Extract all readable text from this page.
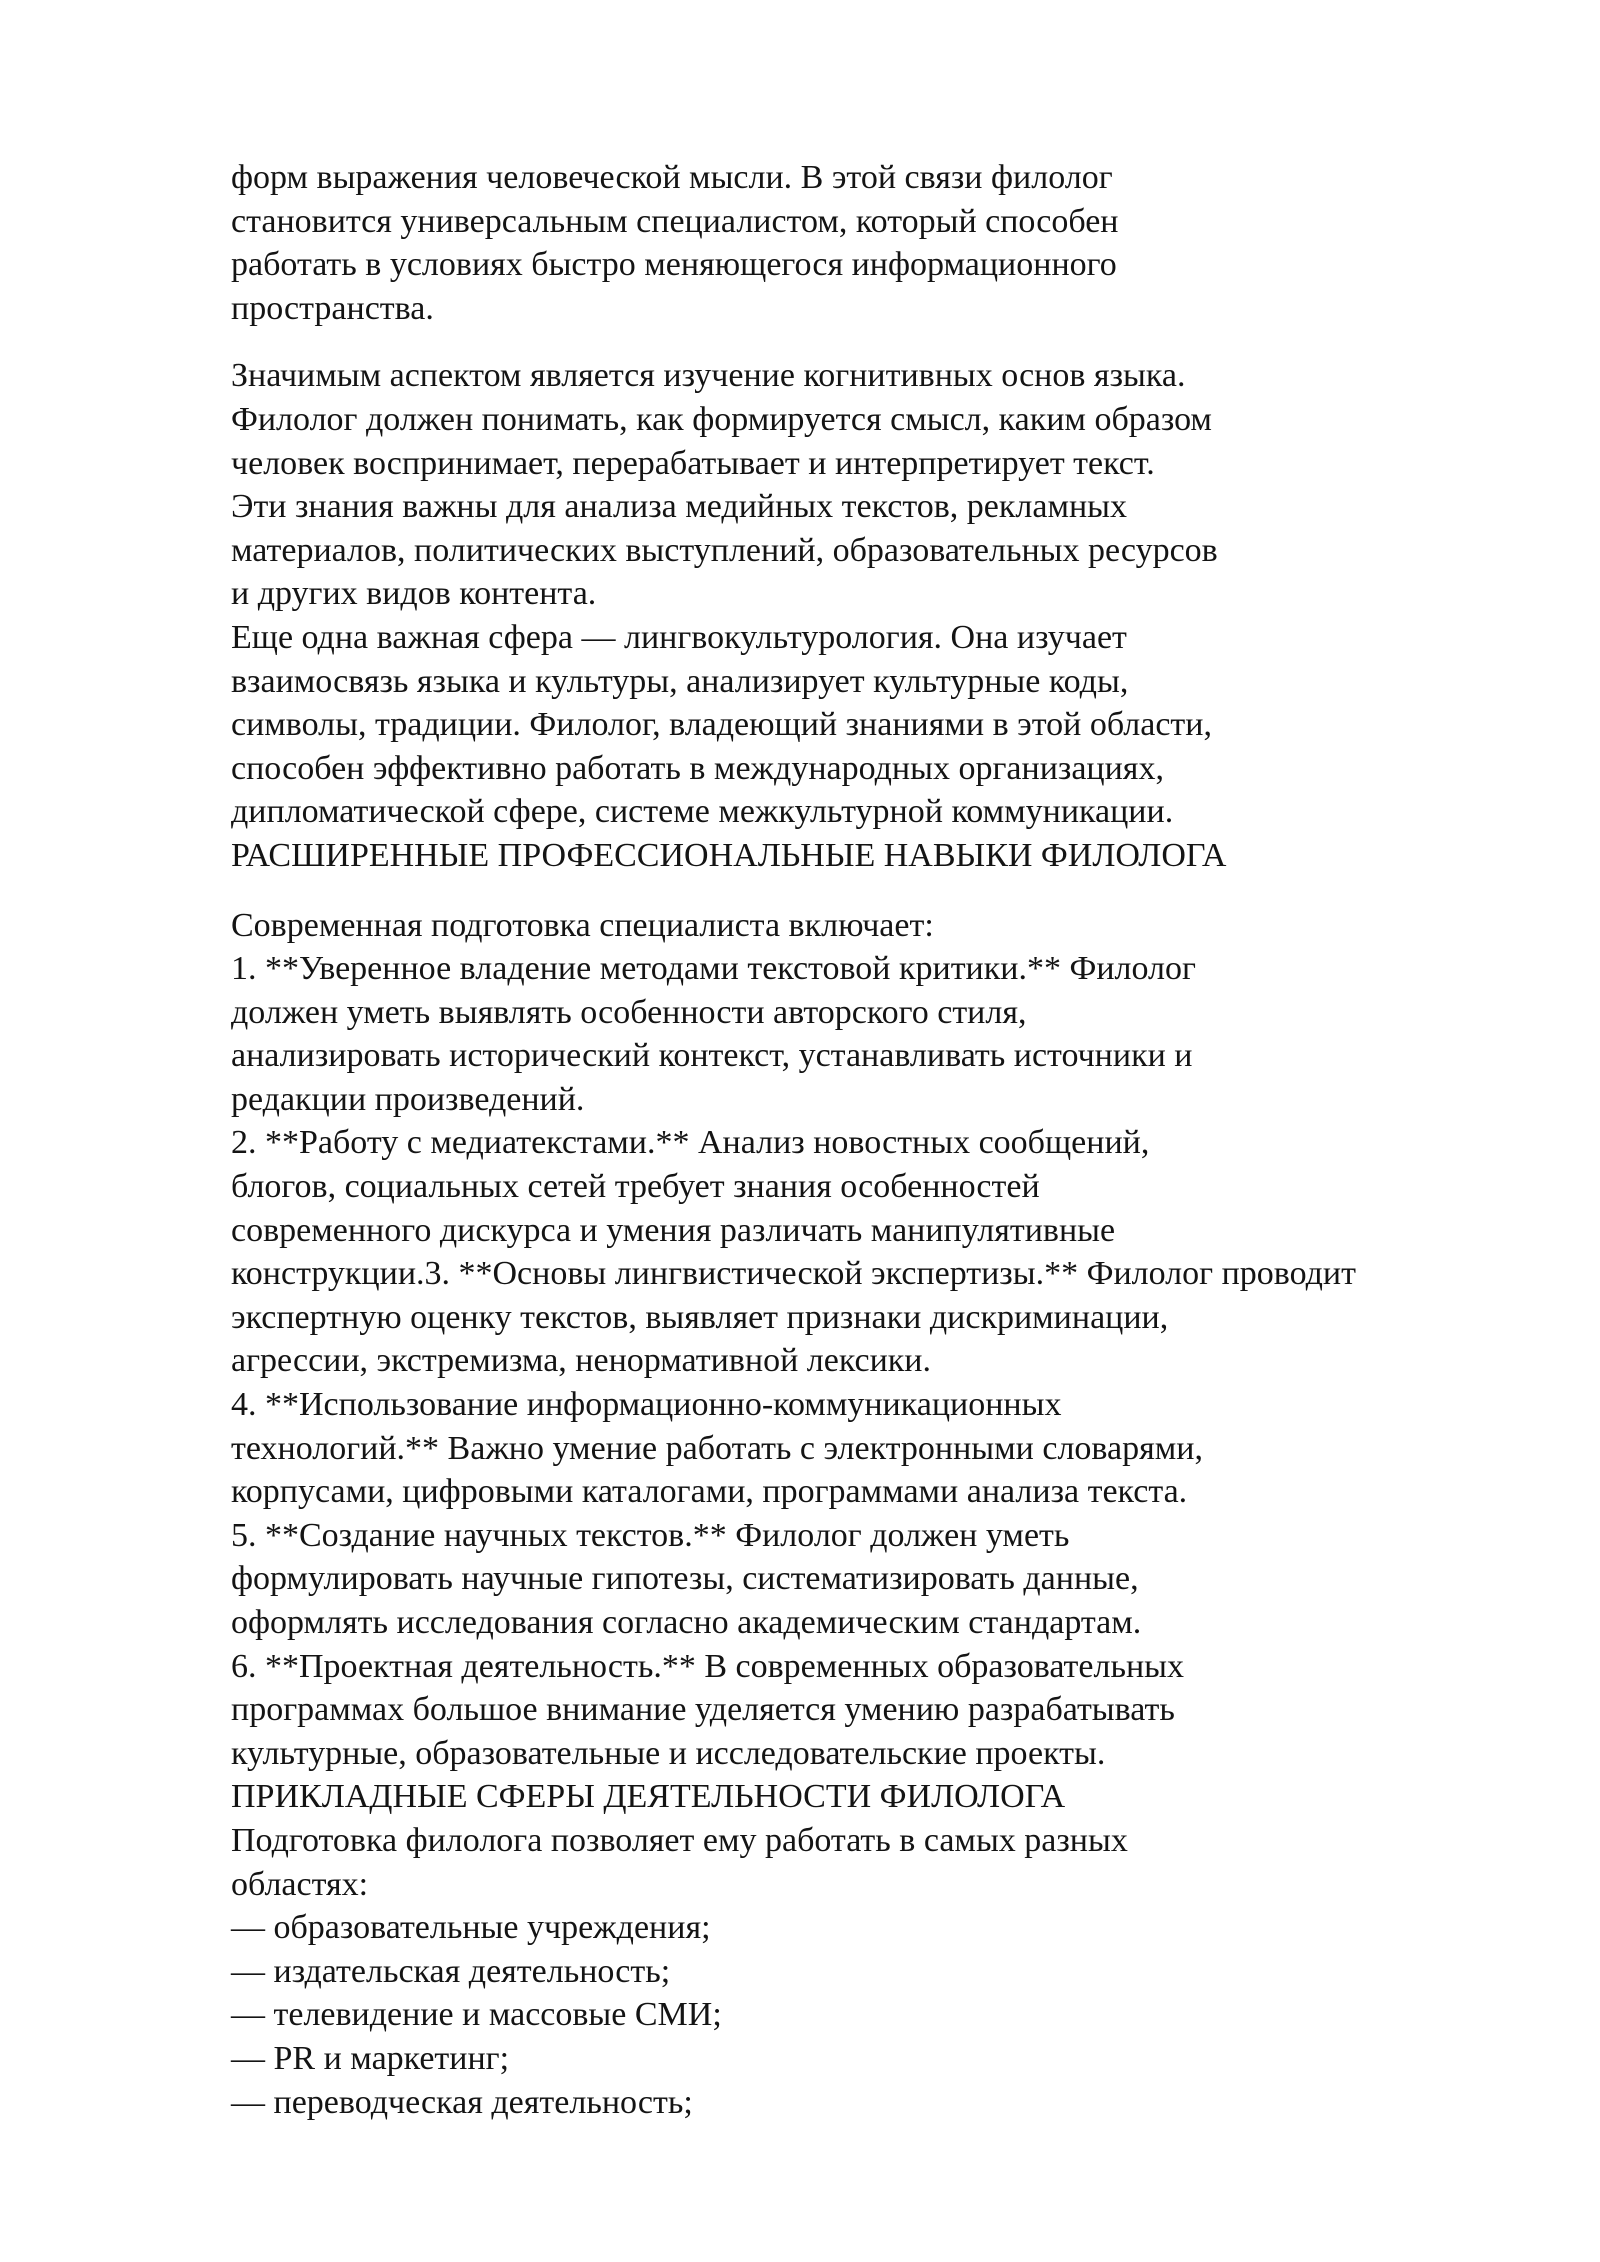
форм выражения человеческой мысли. В этой связи филолог
становится универсальным специалистом, который способен
работать в условиях быстро меняющегося информационного
пространства.
Значимым аспектом является изучение когнитивных основ языка.
Филолог должен понимать, как формируется смысл, каким образом
человек воспринимает, перерабатывает и интерпретирует текст.
Эти знания важны для анализа медийных текстов, рекламных
материалов, политических выступлений, образовательных ресурсов
и других видов контента.
Еще одна важная сфера — лингвокультурология. Она изучает
взаимосвязь языка и культуры, анализирует культурные коды,
символы, традиции. Филолог, владеющий знаниями в этой области,
способен эффективно работать в международных организациях,
дипломатической сфере, системе межкультурной коммуникации.
РАСШИРЕННЫЕ ПРОФЕССИОНАЛЬНЫЕ НАВЫКИ ФИЛОЛОГА
Современная подготовка специалиста включает:
1. **Уверенное владение методами текстовой критики.** Филолог
должен уметь выявлять особенности авторского стиля,
анализировать исторический контекст, устанавливать источники и
редакции произведений.
2. **Работу с медиатекстами.** Анализ новостных сообщений,
блогов, социальных сетей требует знания особенностей
современного дискурса и умения различать манипулятивные
конструкции.3. **Основы лингвистической экспертизы.** Филолог проводит
экспертную оценку текстов, выявляет признаки дискриминации,
агрессии, экстремизма, ненормативной лексики.
4. **Использование информационно-коммуникационных
технологий.** Важно умение работать с электронными словарями,
корпусами, цифровыми каталогами, программами анализа текста.
5. **Создание научных текстов.** Филолог должен уметь
формулировать научные гипотезы, систематизировать данные,
оформлять исследования согласно академическим стандартам.
6. **Проектная деятельность.** В современных образовательных
программах большое внимание уделяется умению разрабатывать
культурные, образовательные и исследовательские проекты.
ПРИКЛАДНЫЕ СФЕРЫ ДЕЯТЕЛЬНОСТИ ФИЛОЛОГА
Подготовка филолога позволяет ему работать в самых разных
областях:
— образовательные учреждения;
— издательская деятельность;
— телевидение и массовые СМИ;
— PR и маркетинг;
— переводческая деятельность;
